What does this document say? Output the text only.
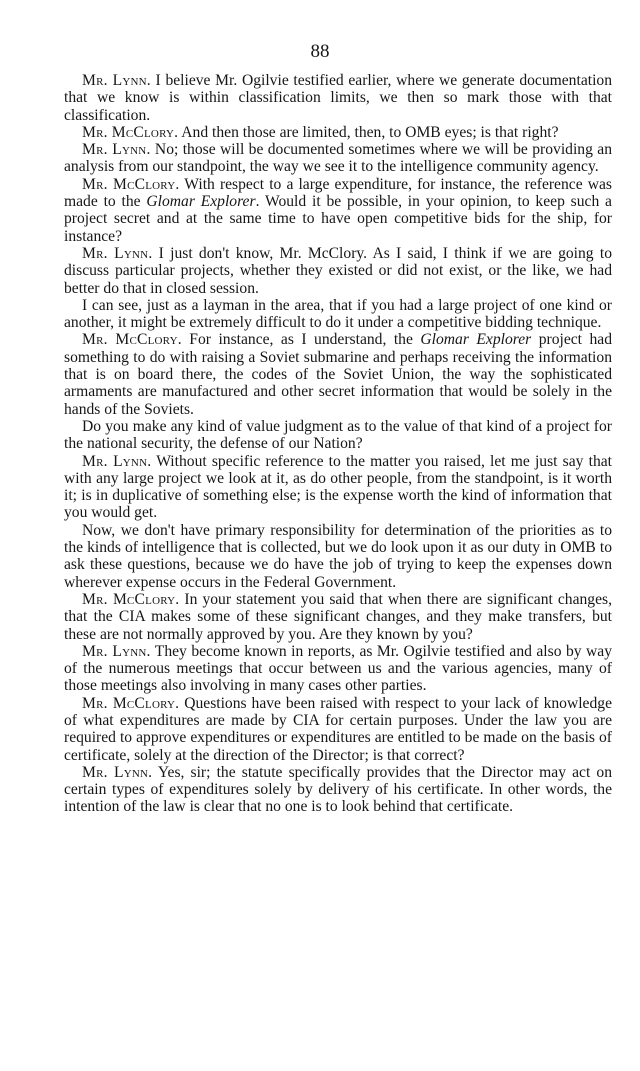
88

Mr. Lynn. I believe Mr. Ogilvie testified earlier, where we generate documentation that we know is within classification limits, we then so mark those with that classification.

Mr. McClory. And then those are limited, then, to OMB eyes; is that right?

Mr. Lynn. No; those will be documented sometimes where we will be providing an analysis from our standpoint, the way we see it to the intelligence community agency.

Mr. McClory. With respect to a large expenditure, for instance, the reference was made to the Glomar Explorer. Would it be possible, in your opinion, to keep such a project secret and at the same time to have open competitive bids for the ship, for instance?

Mr. Lynn. I just don't know, Mr. McClory. As I said, I think if we are going to discuss particular projects, whether they existed or did not exist, or the like, we had better do that in closed session.

I can see, just as a layman in the area, that if you had a large project of one kind or another, it might be extremely difficult to do it under a competitive bidding technique.

Mr. McClory. For instance, as I understand, the Glomar Explorer project had something to do with raising a Soviet submarine and perhaps receiving the information that is on board there, the codes of the Soviet Union, the way the sophisticated armaments are manufactured and other secret information that would be solely in the hands of the Soviets.

Do you make any kind of value judgment as to the value of that kind of a project for the national security, the defense of our Nation?

Mr. Lynn. Without specific reference to the matter you raised, let me just say that with any large project we look at it, as do other people, from the standpoint, is it worth it; is in duplicative of something else; is the expense worth the kind of information that you would get.

Now, we don't have primary responsibility for determination of the priorities as to the kinds of intelligence that is collected, but we do look upon it as our duty in OMB to ask these questions, because we do have the job of trying to keep the expenses down wherever expense occurs in the Federal Government.

Mr. McClory. In your statement you said that when there are significant changes, that the CIA makes some of these significant changes, and they make transfers, but these are not normally approved by you. Are they known by you?

Mr. Lynn. They become known in reports, as Mr. Ogilvie testified and also by way of the numerous meetings that occur between us and the various agencies, many of those meetings also involving in many cases other parties.

Mr. McClory. Questions have been raised with respect to your lack of knowledge of what expenditures are made by CIA for certain purposes. Under the law you are required to approve expenditures or expenditures are entitled to be made on the basis of certificate, solely at the direction of the Director; is that correct?

Mr. Lynn. Yes, sir; the statute specifically provides that the Director may act on certain types of expenditures solely by delivery of his certificate. In other words, the intention of the law is clear that no one is to look behind that certificate.
